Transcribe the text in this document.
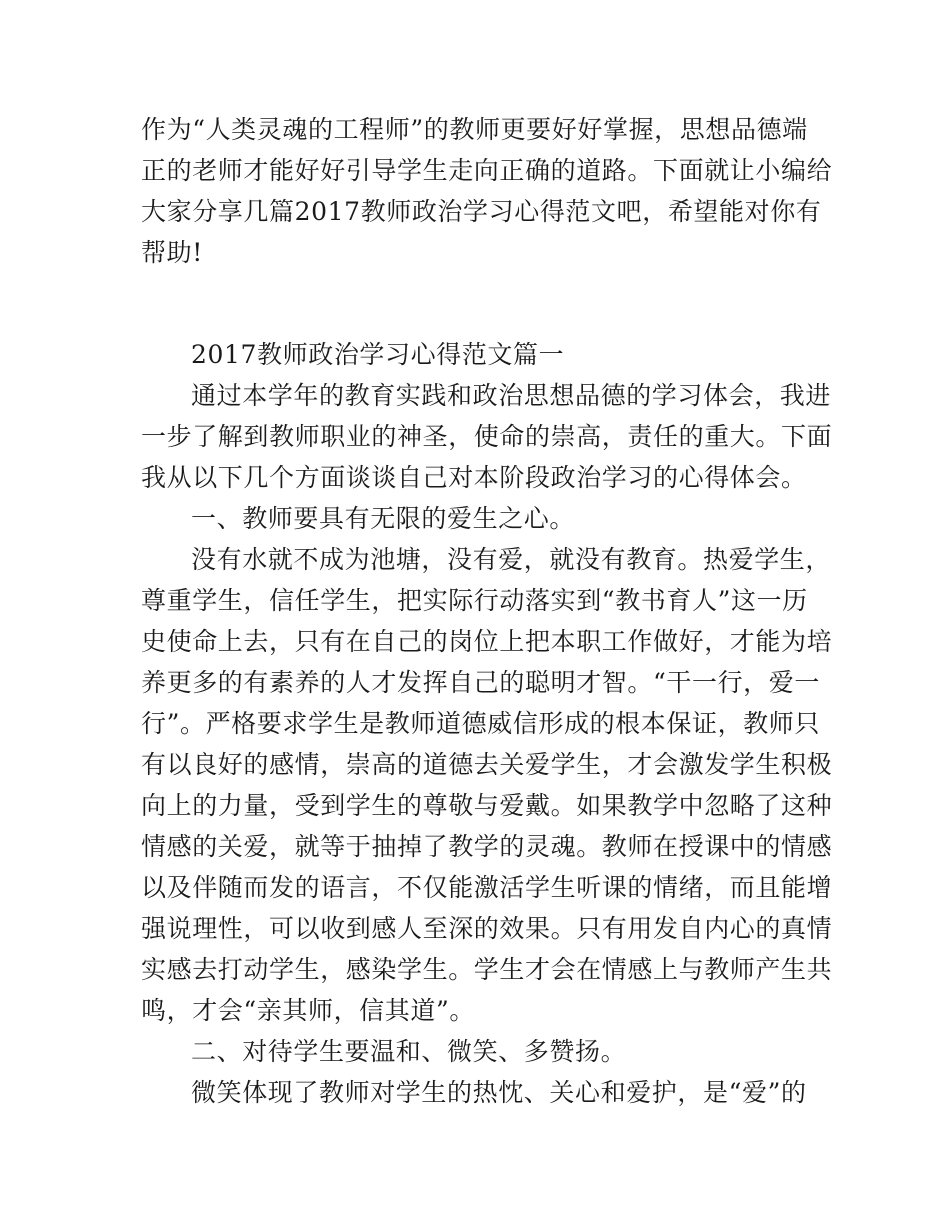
作为“人类灵魂的工程师”的教师更要好好掌握，思想品德端
正的老师才能好好引导学生走向正确的道路。下面就让小编给
大家分享几篇2017教师政治学习心得范文吧，希望能对你有
帮助!
2017教师政治学习心得范文篇一
通过本学年的教育实践和政治思想品德的学习体会，我进
一步了解到教师职业的神圣，使命的崇高，责任的重大。下面
我从以下几个方面谈谈自己对本阶段政治学习的心得体会。
一、教师要具有无限的爱生之心。
没有水就不成为池塘，没有爱，就没有教育。热爱学生，
尊重学生，信任学生，把实际行动落实到“教书育人”这一历
史使命上去，只有在自己的岗位上把本职工作做好，才能为培
养更多的有素养的人才发挥自己的聪明才智。“干一行，爱一
行”。严格要求学生是教师道德威信形成的根本保证，教师只
有以良好的感情，崇高的道德去关爱学生，才会激发学生积极
向上的力量，受到学生的尊敬与爱戴。如果教学中忽略了这种
情感的关爱，就等于抽掉了教学的灵魂。教师在授课中的情感
以及伴随而发的语言，不仅能激活学生听课的情绪，而且能增
强说理性，可以收到感人至深的效果。只有用发自内心的真情
实感去打动学生，感染学生。学生才会在情感上与教师产生共
鸣，才会“亲其师，信其道”。
二、对待学生要温和、微笑、多赞扬。
微笑体现了教师对学生的热忱、关心和爱护，是“爱”的
